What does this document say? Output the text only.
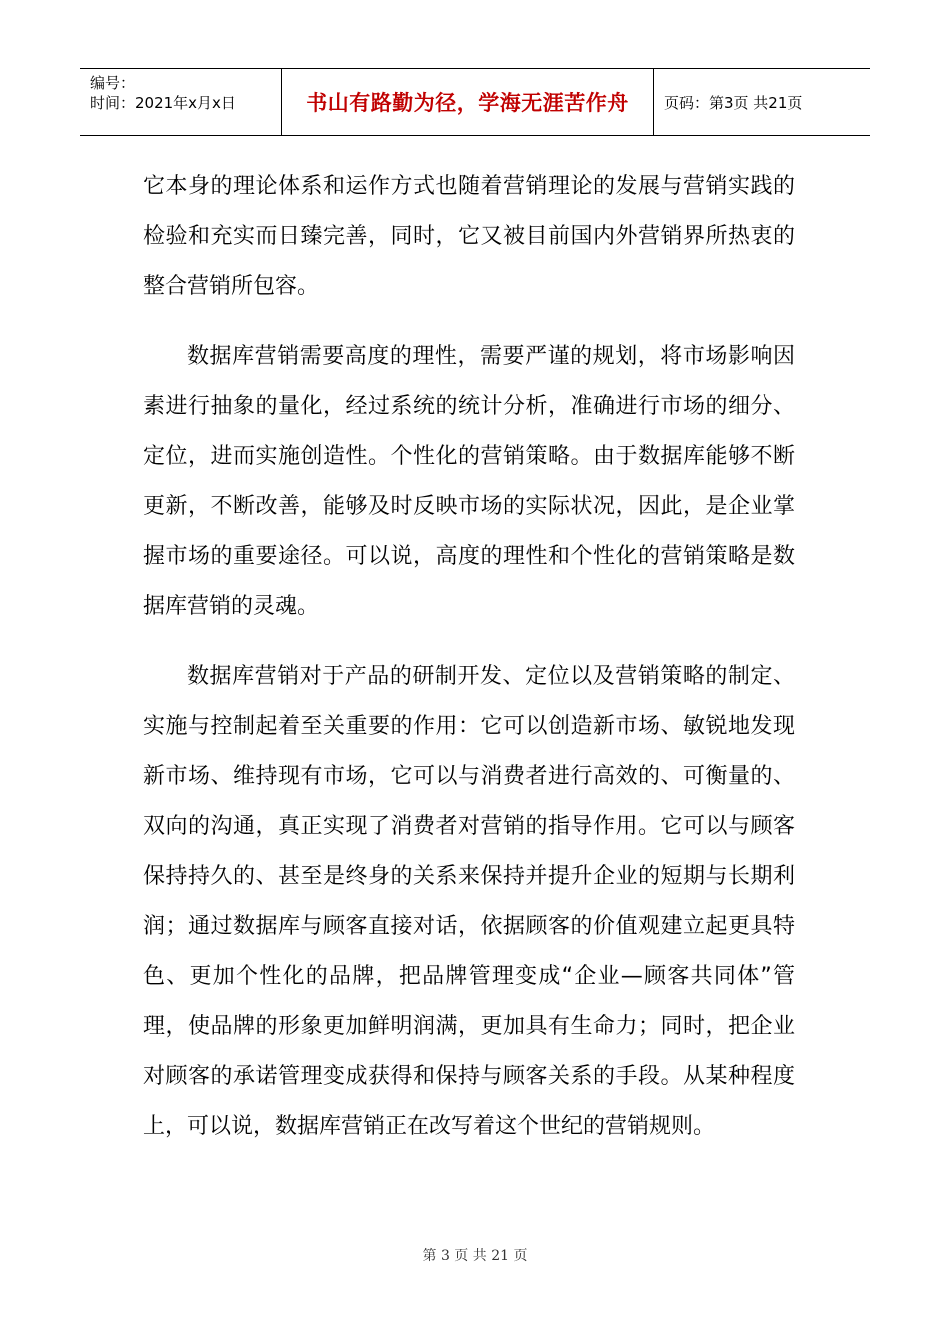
编号：
时间：2021年x月x日	书山有路勤为径，学海无涯苦作舟 页码：第3页 共21页

它本身的理论体系和运作方式也随着营销理论的发展与营销实践的检验和充实而日臻完善，同时，它又被目前国内外营销界所热衷的整合营销所包容。

数据库营销需要高度的理性，需要严谨的规划，将市场影响因素进行抽象的量化，经过系统的统计分析，准确进行市场的细分、定位，进而实施创造性。个性化的营销策略。由于数据库能够不断更新，不断改善，能够及时反映市场的实际状况，因此，是企业掌握市场的重要途径。可以说，高度的理性和个性化的营销策略是数据库营销的灵魂。

数据库营销对于产品的研制开发、定位以及营销策略的制定、实施与控制起着至关重要的作用：它可以创造新市场、敏锐地发现新市场、维持现有市场，它可以与消费者进行高效的、可衡量的、双向的沟通，真正实现了消费者对营销的指导作用。它可以与顾客保持持久的、甚至是终身的关系来保持并提升企业的短期与长期利润；通过数据库与顾客直接对话，依据顾客的价值观建立起更具特色、更加个性化的品牌，把品牌管理变成“企业—顾客共同体”管理，使品牌的形象更加鲜明润满，更加具有生命力；同时，把企业对顾客的承诺管理变成获得和保持与顾客关系的手段。从某种程度上，可以说，数据库营销正在改写着这个世纪的营销规则。

第 3 页 共 21 页
